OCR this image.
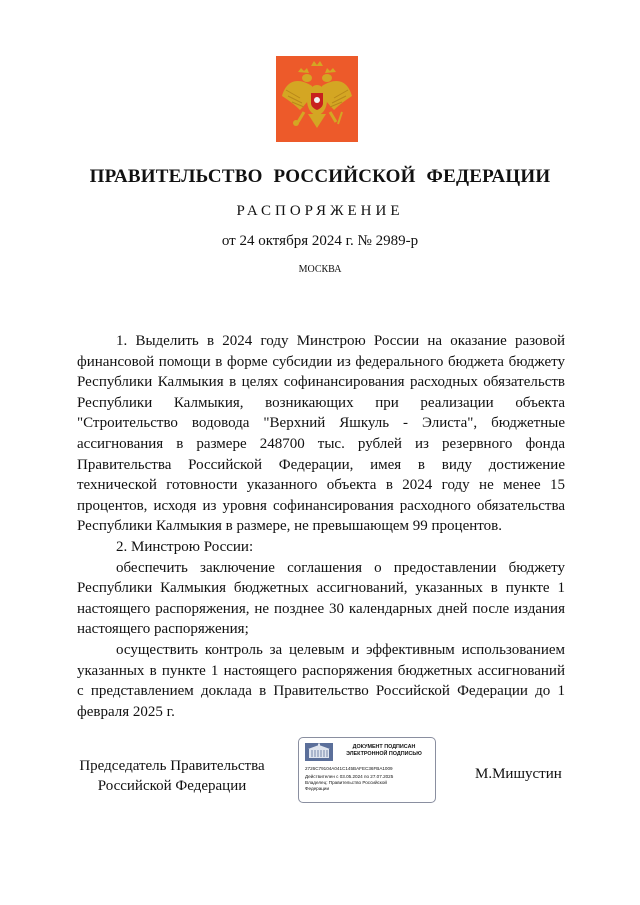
ПРАВИТЕЛЬСТВО РОССИЙСКОЙ ФЕДЕРАЦИИ
РАСПОРЯЖЕНИЕ
от 24 октября 2024 г. № 2989-р
МОСКВА

1. Выделить в 2024 году Минстрою России на оказание разовой финансовой помощи в форме субсидии из федерального бюджета бюджету Республики Калмыкия в целях софинансирования расходных обязательств Республики Калмыкия, возникающих при реализации объекта "Строительство водовода "Верхний Яшкуль - Элиста", бюджетные ассигнования в размере 248700 тыс. рублей из резервного фонда Правительства Российской Федерации, имея в виду достижение технической готовности указанного объекта в 2024 году не менее 15 процентов, исходя из уровня софинансирования расходного обязательства Республики Калмыкия в размере, не превышающем 99 процентов.

2. Минстрою России:

обеспечить заключение соглашения о предоставлении бюджету Республики Калмыкия бюджетных ассигнований, указанных в пункте 1 настоящего распоряжения, не позднее 30 календарных дней после издания настоящего распоряжения;

осуществить контроль за целевым и эффективным использованием указанных в пункте 1 настоящего распоряжения бюджетных ассигнований с представлением доклада в Правительство Российской Федерации до 1 февраля 2025 г.

Председатель Правительства
Российской Федерации
ДОКУМЕНТ ПОДПИСАН
ЭЛЕКТРОННОЙ ПОДПИСЬЮ
2726C79104A041C145BAFEC36FBA1009
Действителен с 03.05.2024 по 27.07.2025
Владелец: Правительство Российской
Федерации
М.Мишустин
